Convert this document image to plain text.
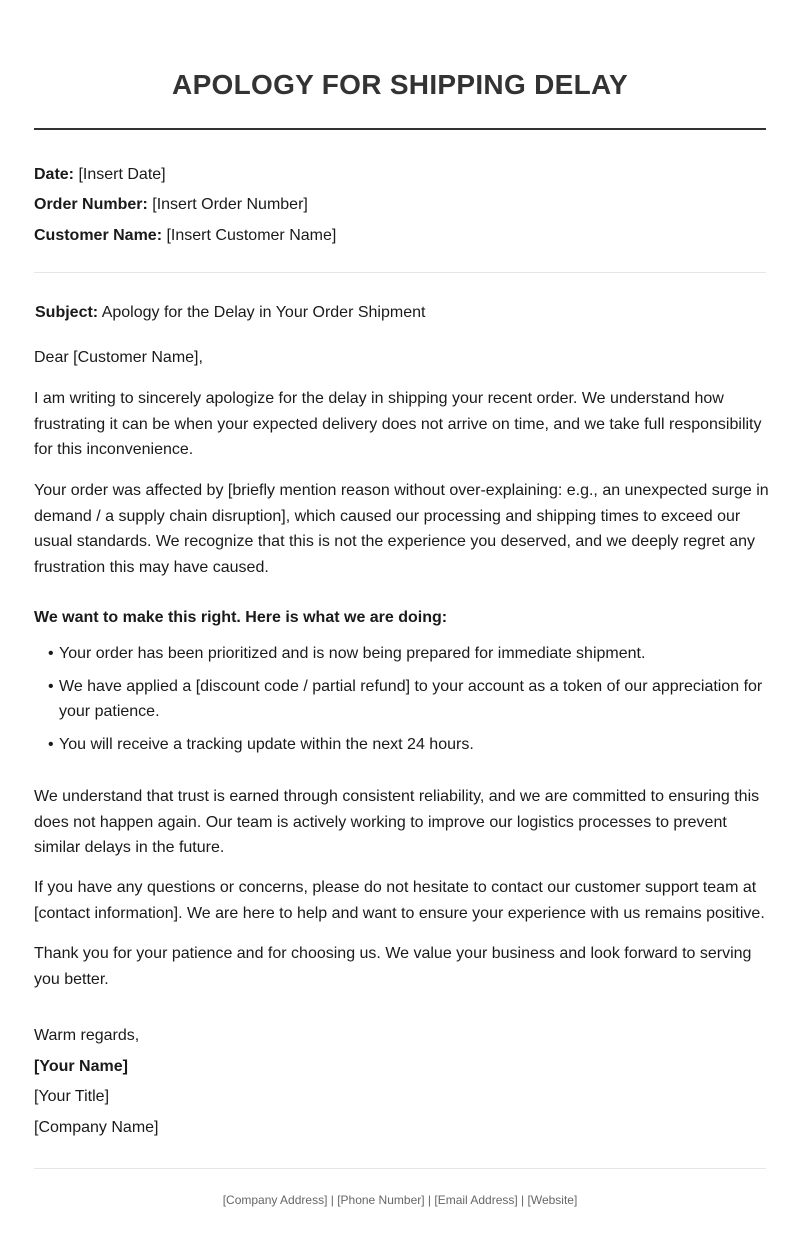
APOLOGY FOR SHIPPING DELAY
Date: [Insert Date]
Order Number: [Insert Order Number]
Customer Name: [Insert Customer Name]
Subject: Apology for the Delay in Your Order Shipment
Dear [Customer Name],

I am writing to sincerely apologize for the delay in shipping your recent order. We understand how frustrating it can be when your expected delivery does not arrive on time, and we take full responsibility for this inconvenience.

Your order was affected by [briefly mention reason without over-explaining: e.g., an unexpected surge in demand / a supply chain disruption], which caused our processing and shipping times to exceed our usual standards. We recognize that this is not the experience you deserved, and we deeply regret any frustration this may have caused.

We want to make this right. Here is what we are doing:
• Your order has been prioritized and is now being prepared for immediate shipment.
• We have applied a [discount code / partial refund] to your account as a token of our appreciation for your patience.
• You will receive a tracking update within the next 24 hours.

We understand that trust is earned through consistent reliability, and we are committed to ensuring this does not happen again. Our team is actively working to improve our logistics processes to prevent similar delays in the future.

If you have any questions or concerns, please do not hesitate to contact our customer support team at [contact information]. We are here to help and want to ensure your experience with us remains positive.

Thank you for your patience and for choosing us. We value your business and look forward to serving you better.

Warm regards,
[Your Name]
[Your Title]
[Company Name]
[Company Address] | [Phone Number] | [Email Address] | [Website]
